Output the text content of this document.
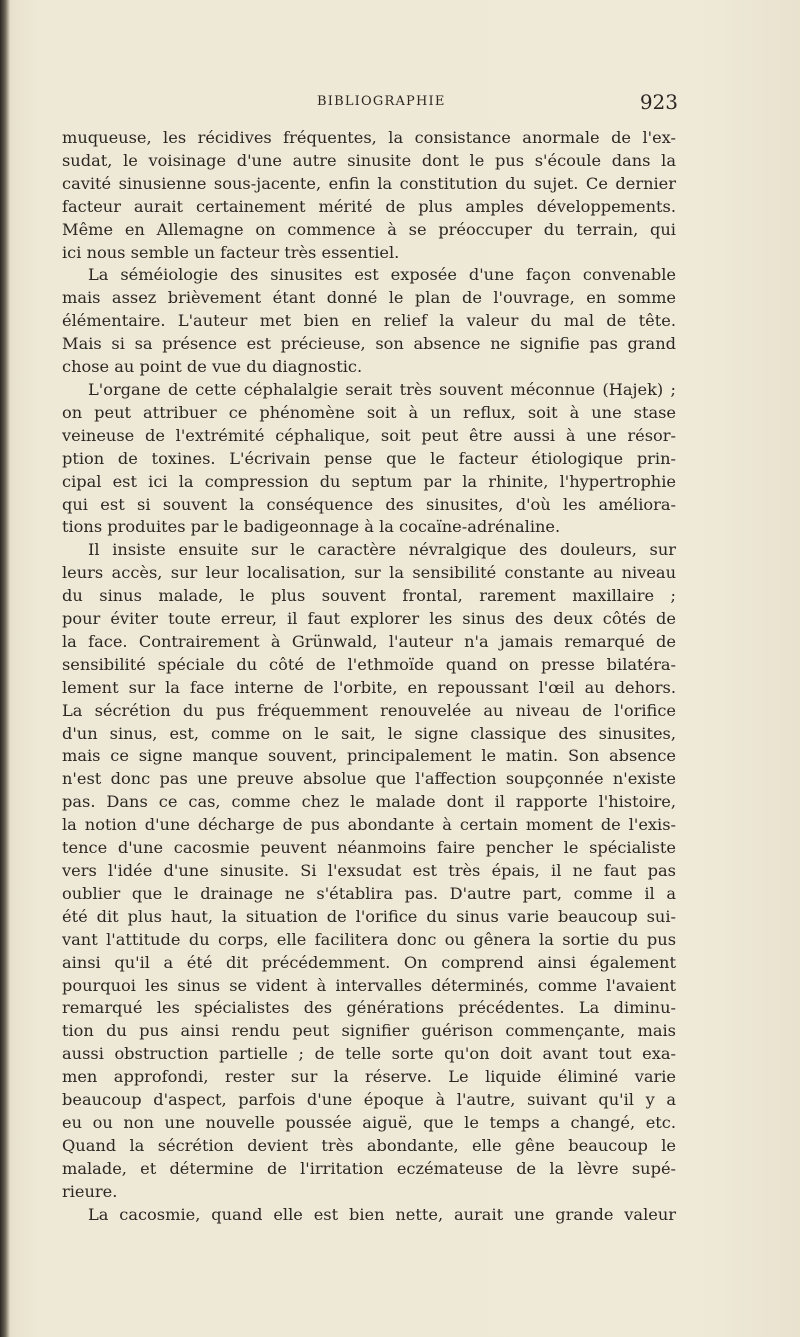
BIBLIOGRAPHIE	923
muqueuse, les récidives fréquentes, la consistance anormale de l'ex-
sudat, le voisinage d'une autre sinusite dont le pus s'écoule dans la
cavité sinusienne sous-jacente, enfin la constitution du sujet. Ce dernier
facteur aurait certainement mérité de plus amples développements.
Même en Allemagne on commence à se préoccuper du terrain, qui
ici nous semble un facteur très essentiel.
La séméiologie des sinusites est exposée d'une façon convenable
mais assez brièvement étant donné le plan de l'ouvrage, en somme
élémentaire. L'auteur met bien en relief la valeur du mal de tête.
Mais si sa présence est précieuse, son absence ne signifie pas grand
chose au point de vue du diagnostic.
L'organe de cette céphalalgie serait très souvent méconnue (Hajek) ;
on peut attribuer ce phénomène soit à un reflux, soit à une stase
veineuse de l'extrémité céphalique, soit peut être aussi à une résor-
ption de toxines. L'écrivain pense que le facteur étiologique prin-
cipal est ici la compression du septum par la rhinite, l'hypertrophie
qui est si souvent la conséquence des sinusites, d'où les améliora-
tions produites par le badigeonnage à la cocaïne-adrénaline.
Il insiste ensuite sur le caractère névralgique des douleurs, sur
leurs accès, sur leur localisation, sur la sensibilité constante au niveau
du sinus malade, le plus souvent frontal, rarement maxillaire ;
pour éviter toute erreur, il faut explorer les sinus des deux côtés de
la face. Contrairement à Grünwald, l'auteur n'a jamais remarqué de
sensibilité spéciale du côté de l'ethmoïde quand on presse bilatéra-
lement sur la face interne de l'orbite, en repoussant l'œil au dehors.
La sécrétion du pus fréquemment renouvelée au niveau de l'orifice
d'un sinus, est, comme on le sait, le signe classique des sinusites,
mais ce signe manque souvent, principalement le matin. Son absence
n'est donc pas une preuve absolue que l'affection soupçonnée n'existe
pas. Dans ce cas, comme chez le malade dont il rapporte l'histoire,
la notion d'une décharge de pus abondante à certain moment de l'exis-
tence d'une cacosmie peuvent néanmoins faire pencher le spécialiste
vers l'idée d'une sinusite. Si l'exsudat est très épais, il ne faut pas
oublier que le drainage ne s'établira pas. D'autre part, comme il a
été dit plus haut, la situation de l'orifice du sinus varie beaucoup sui-
vant l'attitude du corps, elle facilitera donc ou gênera la sortie du pus
ainsi qu'il a été dit précédemment. On comprend ainsi également
pourquoi les sinus se vident à intervalles déterminés, comme l'avaient
remarqué les spécialistes des générations précédentes. La diminu-
tion du pus ainsi rendu peut signifier guérison commençante, mais
aussi obstruction partielle ; de telle sorte qu'on doit avant tout exa-
men approfondi, rester sur la réserve. Le liquide éliminé varie
beaucoup d'aspect, parfois d'une époque à l'autre, suivant qu'il y a
eu ou non une nouvelle poussée aiguë, que le temps a changé, etc.
Quand la sécrétion devient très abondante, elle gêne beaucoup le
malade, et détermine de l'irritation eczémateuse de la lèvre supé-
rieure.
La cacosmie, quand elle est bien nette, aurait une grande valeur
